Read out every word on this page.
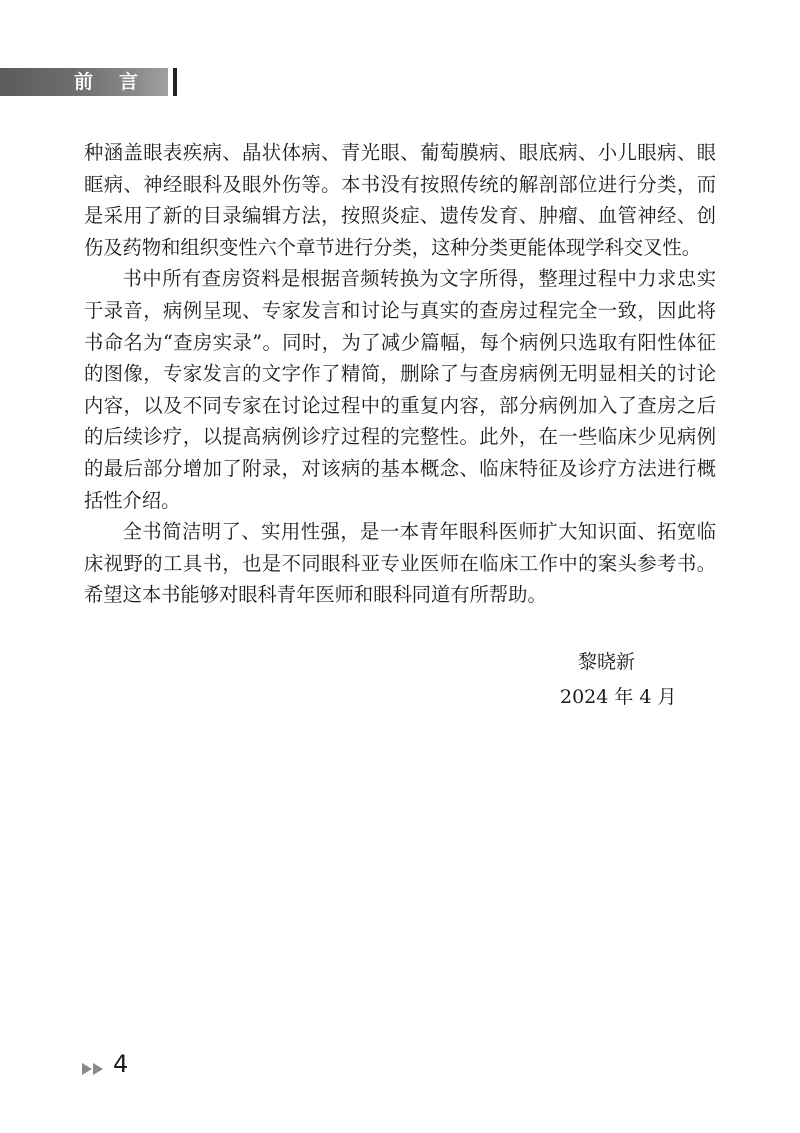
前言

种涵盖眼表疾病、晶状体病、青光眼、葡萄膜病、眼底病、小儿眼病、眼眶病、神经眼科及眼外伤等。本书没有按照传统的解剖部位进行分类，而是采用了新的目录编辑方法，按照炎症、遗传发育、肿瘤、血管神经、创伤及药物和组织变性六个章节进行分类，这种分类更能体现学科交叉性。

书中所有查房资料是根据音频转换为文字所得，整理过程中力求忠实于录音，病例呈现、专家发言和讨论与真实的查房过程完全一致，因此将书命名为“查房实录”。同时，为了减少篇幅，每个病例只选取有阳性体征的图像，专家发言的文字作了精简，删除了与查房病例无明显相关的讨论内容，以及不同专家在讨论过程中的重复内容，部分病例加入了查房之后的后续诊疗，以提高病例诊疗过程的完整性。此外，在一些临床少见病例的最后部分增加了附录，对该病的基本概念、临床特征及诊疗方法进行概括性介绍。

全书简洁明了、实用性强，是一本青年眼科医师扩大知识面、拓宽临床视野的工具书，也是不同眼科亚专业医师在临床工作中的案头参考书。希望这本书能够对眼科青年医师和眼科同道有所帮助。

黎晓新
2024 年 4 月
4
